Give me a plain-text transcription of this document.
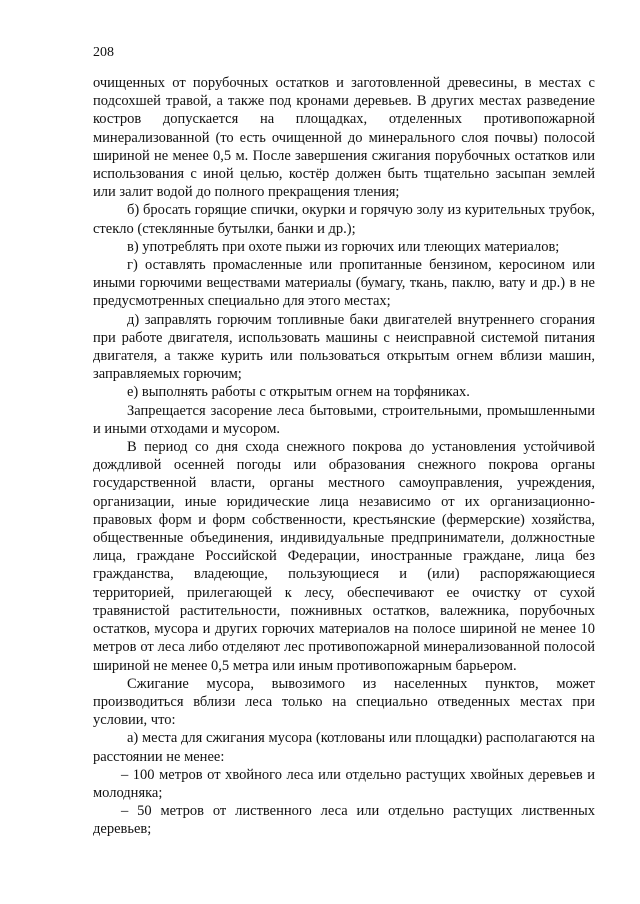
208

очищенных от порубочных остатков и заготовленной древесины, в местах с подсохшей травой, а также под кронами деревьев. В других местах разведение костров допускается на площадках, отделенных противопожарной минерализованной (то есть очищенной до минерального слоя почвы) полосой шириной не менее 0,5 м. После завершения сжигания порубочных остатков или использования с иной целью, костёр должен быть тщательно засыпан землей или залит водой до полного прекращения тления;

б) бросать горящие спички, окурки и горячую золу из курительных трубок, стекло (стеклянные бутылки, банки и др.);

в) употреблять при охоте пыжи из горючих или тлеющих материалов;

г) оставлять промасленные или пропитанные бензином, керосином или иными горючими веществами материалы (бумагу, ткань, паклю, вату и др.) в не предусмотренных специально для этого местах;

д) заправлять горючим топливные баки двигателей внутреннего сгорания при работе двигателя, использовать машины с неисправной системой питания двигателя, а также курить или пользоваться открытым огнем вблизи машин, заправляемых горючим;

е) выполнять работы с открытым огнем на торфяниках.

Запрещается засорение леса бытовыми, строительными, промышленными и иными отходами и мусором.

В период со дня схода снежного покрова до установления устойчивой дождливой осенней погоды или образования снежного покрова органы государственной власти, органы местного самоуправления, учреждения, организации, иные юридические лица независимо от их организационно-правовых форм и форм собственности, крестьянские (фермерские) хозяйства, общественные объединения, индивидуальные предприниматели, должностные лица, граждане Российской Федерации, иностранные граждане, лица без гражданства, владеющие, пользующиеся и (или) распоряжающиеся территорией, прилегающей к лесу, обеспечивают ее очистку от сухой травянистой растительности, пожнивных остатков, валежника, порубочных остатков, мусора и других горючих материалов на полосе шириной не менее 10 метров от леса либо отделяют лес противопожарной минерализованной полосой шириной не менее 0,5 метра или иным противопожарным барьером.

Сжигание мусора, вывозимого из населенных пунктов, может производиться вблизи леса только на специально отведенных местах при условии, что:

а) места для сжигания мусора (котлованы или площадки) располагаются на расстоянии не менее:

– 100 метров от хвойного леса или отдельно растущих хвойных деревьев и молодняка;

– 50 метров от лиственного леса или отдельно растущих лиственных деревьев;
